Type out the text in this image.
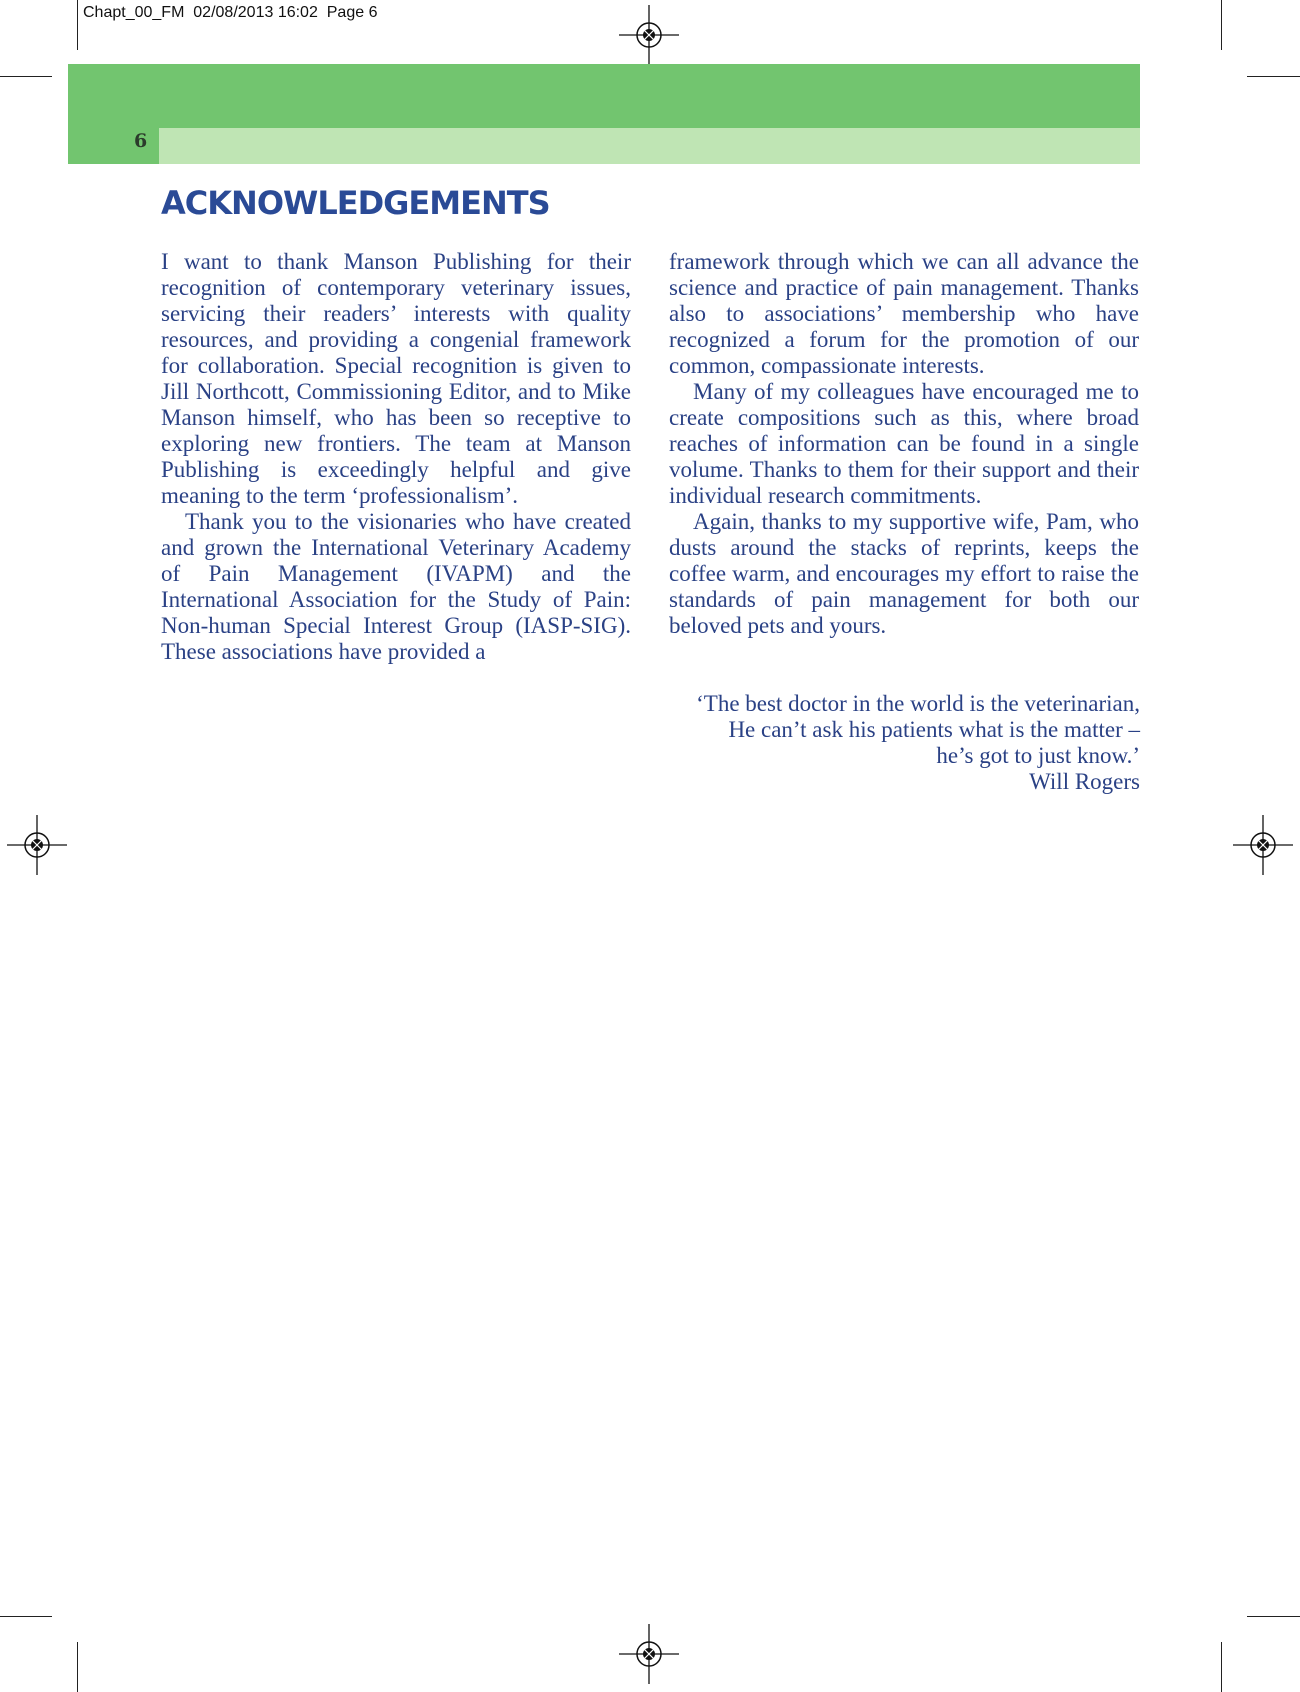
Chapt_00_FM 02/08/2013 16:02 Page 6
6
ACKNOWLEDGEMENTS

I want to thank Manson Publishing for their recognition of contemporary veterinary issues, servicing their readers’ interests with quality resources, and providing a congenial framework for collaboration. Special recognition is given to Jill Northcott, Commissioning Editor, and to Mike Manson himself, who has been so receptive to exploring new frontiers. The team at Manson Publishing is exceedingly helpful and give meaning to the term ‘professionalism’.

Thank you to the visionaries who have created and grown the International Veterinary Academy of Pain Management (IVAPM) and the International Association for the Study of Pain: Non-human Special Interest Group (IASP-SIG). These associations have provided a

framework through which we can all advance the science and practice of pain management. Thanks also to associations’ membership who have recognized a forum for the promotion of our common, compassionate interests.

Many of my colleagues have encouraged me to create compositions such as this, where broad reaches of information can be found in a single volume. Thanks to them for their support and their individual research commitments.

Again, thanks to my supportive wife, Pam, who dusts around the stacks of reprints, keeps the coffee warm, and encourages my effort to raise the standards of pain management for both our beloved pets and yours.

‘The best doctor in the world is the veterinarian,
He can’t ask his patients what is the matter –
he’s got to just know.’
Will Rogers
